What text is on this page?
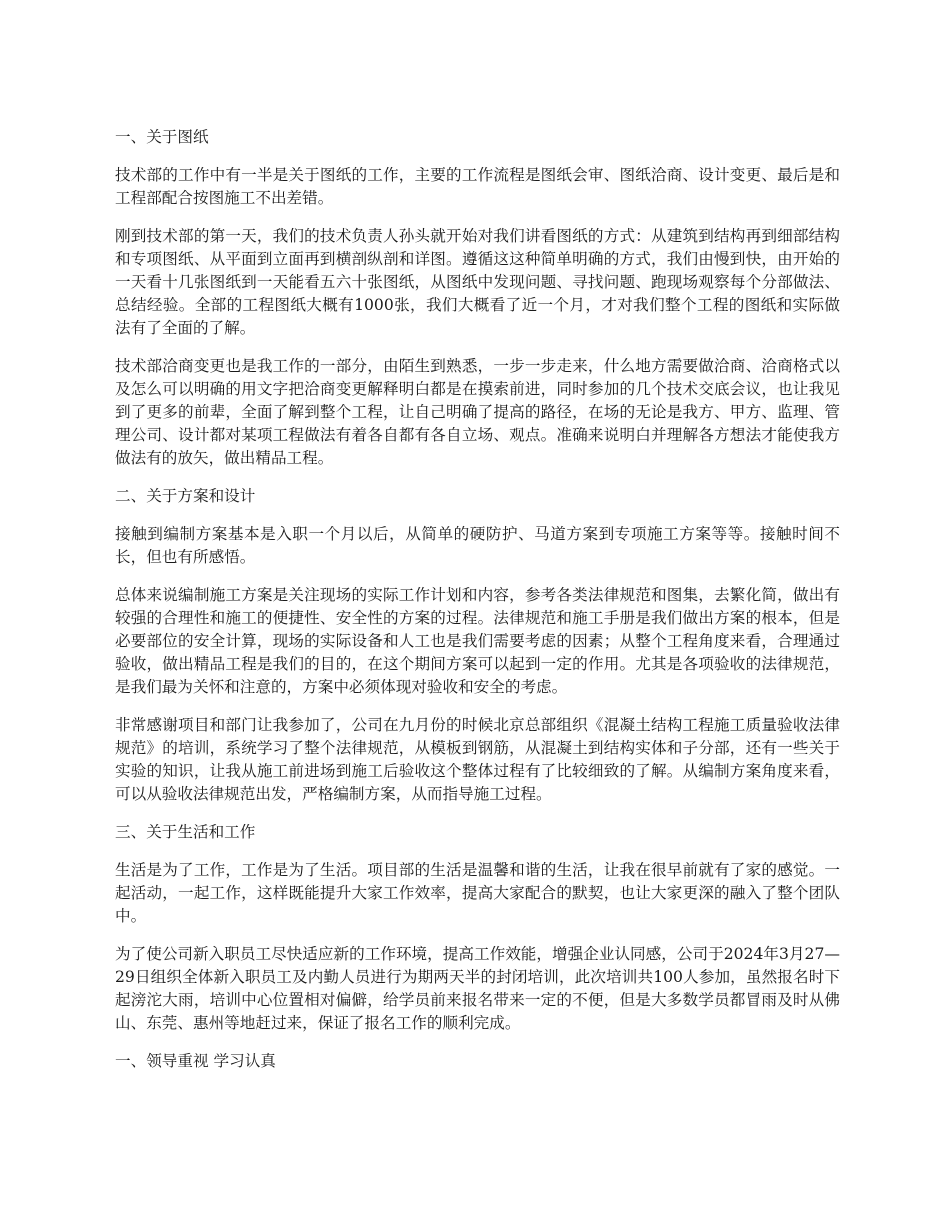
一、关于图纸

技术部的工作中有一半是关于图纸的工作，主要的工作流程是图纸会审、图纸洽商、设计变更、最后是和工程部配合按图施工不出差错。

刚到技术部的第一天，我们的技术负责人孙头就开始对我们讲看图纸的方式：从建筑到结构再到细部结构和专项图纸、从平面到立面再到横剖纵剖和详图。遵循这这种简单明确的方式，我们由慢到快，由开始的一天看十几张图纸到一天能看五六十张图纸，从图纸中发现问题、寻找问题、跑现场观察每个分部做法、总结经验。全部的工程图纸大概有1000张，我们大概看了近一个月，才对我们整个工程的图纸和实际做法有了全面的了解。

技术部洽商变更也是我工作的一部分，由陌生到熟悉，一步一步走来，什么地方需要做洽商、洽商格式以及怎么可以明确的用文字把洽商变更解释明白都是在摸索前进，同时参加的几个技术交底会议，也让我见到了更多的前辈，全面了解到整个工程，让自己明确了提高的路径，在场的无论是我方、甲方、监理、管理公司、设计都对某项工程做法有着各自都有各自立场、观点。准确来说明白并理解各方想法才能使我方做法有的放矢，做出精品工程。

二、关于方案和设计

接触到编制方案基本是入职一个月以后，从简单的硬防护、马道方案到专项施工方案等等。接触时间不长，但也有所感悟。

总体来说编制施工方案是关注现场的实际工作计划和内容，参考各类法律规范和图集，去繁化简，做出有较强的合理性和施工的便捷性、安全性的方案的过程。法律规范和施工手册是我们做出方案的根本，但是必要部位的安全计算，现场的实际设备和人工也是我们需要考虑的因素；从整个工程角度来看，合理通过验收，做出精品工程是我们的目的，在这个期间方案可以起到一定的作用。尤其是各项验收的法律规范，是我们最为关怀和注意的，方案中必须体现对验收和安全的考虑。

非常感谢项目和部门让我参加了，公司在九月份的时候北京总部组织《混凝土结构工程施工质量验收法律规范》的培训，系统学习了整个法律规范，从模板到钢筋，从混凝土到结构实体和子分部，还有一些关于实验的知识，让我从施工前进场到施工后验收这个整体过程有了比较细致的了解。从编制方案角度来看，可以从验收法律规范出发，严格编制方案，从而指导施工过程。

三、关于生活和工作

生活是为了工作，工作是为了生活。项目部的生活是温馨和谐的生活，让我在很早前就有了家的感觉。一起活动，一起工作，这样既能提升大家工作效率，提高大家配合的默契，也让大家更深的融入了整个团队中。

为了使公司新入职员工尽快适应新的工作环境，提高工作效能，增强企业认同感，公司于2024年3月27—29日组织全体新入职员工及内勤人员进行为期两天半的封闭培训，此次培训共100人参加，虽然报名时下起滂沱大雨，培训中心位置相对偏僻，给学员前来报名带来一定的不便，但是大多数学员都冒雨及时从佛山、东莞、惠州等地赶过来，保证了报名工作的顺利完成。

一、领导重视 学习认真
